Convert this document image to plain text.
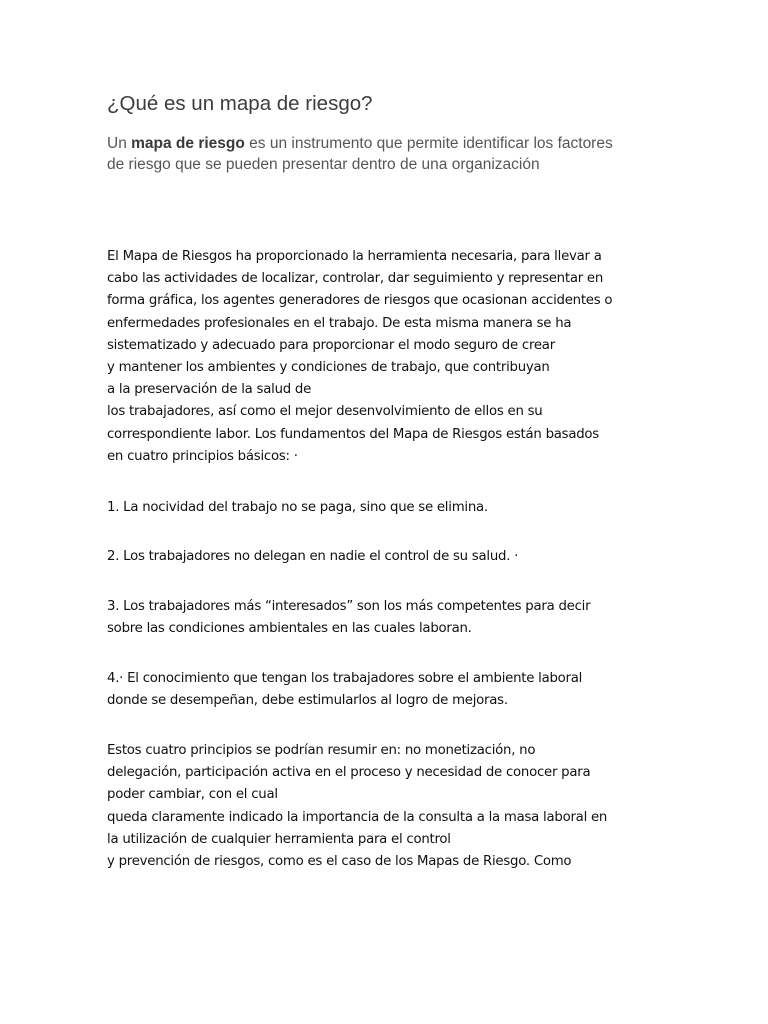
¿Qué es un mapa de riesgo?
Un mapa de riesgo es un instrumento que permite identificar los factores
de riesgo que se pueden presentar dentro de una organización
El Mapa de Riesgos ha proporcionado la herramienta necesaria, para llevar a
cabo las actividades de localizar, controlar, dar seguimiento y representar en
forma gráfica, los agentes generadores de riesgos que ocasionan accidentes o
enfermedades profesionales en el trabajo. De esta misma manera se ha
sistematizado y adecuado para proporcionar el modo seguro de crear
y mantener los ambientes y condiciones de trabajo, que contribuyan
a la preservación de la salud de
los trabajadores, así como el mejor desenvolvimiento de ellos en su
correspondiente labor. Los fundamentos del Mapa de Riesgos están basados
en cuatro principios básicos: ·
1. La nocividad del trabajo no se paga, sino que se elimina.
2. Los trabajadores no delegan en nadie el control de su salud. ·
3. Los trabajadores más “interesados” son los más competentes para decir
sobre las condiciones ambientales en las cuales laboran.
4.· El conocimiento que tengan los trabajadores sobre el ambiente laboral
donde se desempeñan, debe estimularlos al logro de mejoras.
Estos cuatro principios se podrían resumir en: no monetización, no
delegación, participación activa en el proceso y necesidad de conocer para
poder cambiar, con el cual
queda claramente indicado la importancia de la consulta a la masa laboral en
la utilización de cualquier herramienta para el control
y prevención de riesgos, como es el caso de los Mapas de Riesgo. Como
